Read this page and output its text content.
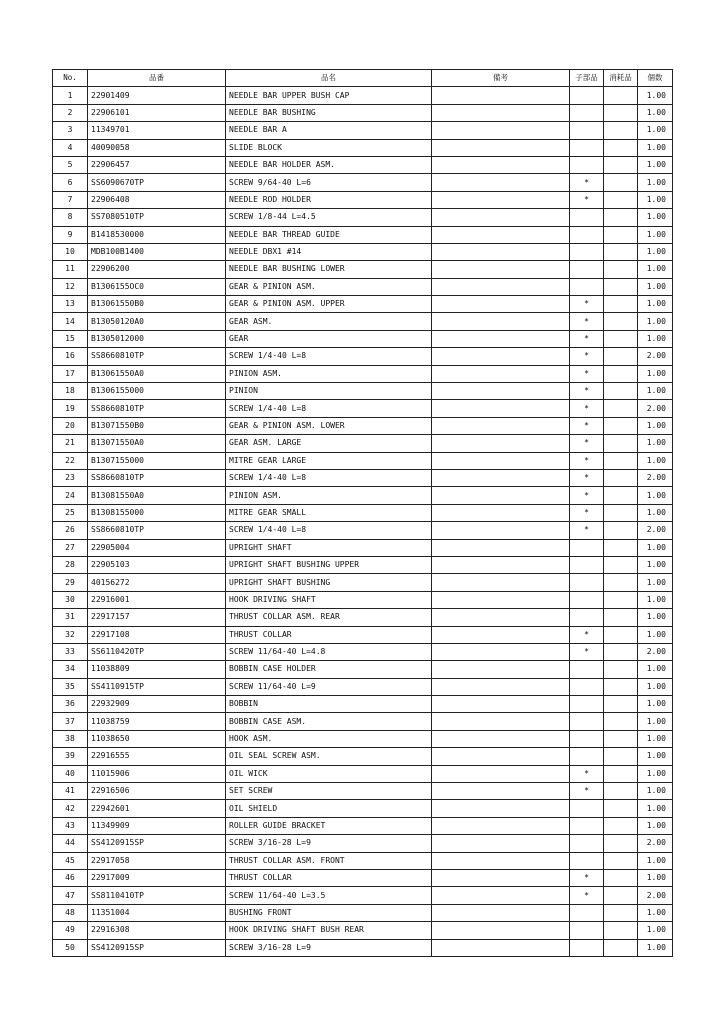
No.	品番	品名	備考	子部品	消耗品	個数
1	22901409	NEEDLE BAR UPPER BUSH CAP				1.00
2	22906101	NEEDLE BAR BUSHING				1.00
3	11349701	NEEDLE BAR A				1.00
4	40090058	SLIDE BLOCK				1.00
5	22906457	NEEDLE BAR HOLDER ASM.				1.00
6	SS6090670TP	SCREW 9/64-40 L=6		*		1.00
7	22906408	NEEDLE ROD HOLDER		*		1.00
8	SS7080510TP	SCREW 1/8-44 L=4.5				1.00
9	B1418530000	NEEDLE BAR THREAD GUIDE				1.00
10	MDB100B1400	NEEDLE DBX1 #14				1.00
11	22906200	NEEDLE BAR BUSHING LOWER				1.00
12	B1306155OC0	GEAR & PINION ASM.				1.00
13	B13061550B0	GEAR & PINION ASM. UPPER		*		1.00
14	B13050120A0	GEAR ASM.		*		1.00
15	B1305012000	GEAR		*		1.00
16	SS8660810TP	SCREW 1/4-40 L=8		*		2.00
17	B13061550A0	PINION ASM.		*		1.00
18	B1306155000	PINION		*		1.00
19	SS8660810TP	SCREW 1/4-40 L=8		*		2.00
20	B13071550B0	GEAR & PINION ASM. LOWER		*		1.00
21	B13071550A0	GEAR ASM. LARGE		*		1.00
22	B1307155000	MITRE GEAR LARGE		*		1.00
23	SS8660810TP	SCREW 1/4-40 L=8		*		2.00
24	B13081550A0	PINION ASM.		*		1.00
25	B1308155000	MITRE GEAR SMALL		*		1.00
26	SS8660810TP	SCREW 1/4-40 L=8		*		2.00
27	22905004	UPRIGHT SHAFT				1.00
28	22905103	UPRIGHT SHAFT BUSHING UPPER				1.00
29	40156272	UPRIGHT SHAFT BUSHING				1.00
30	22916001	HOOK DRIVING SHAFT				1.00
31	22917157	THRUST COLLAR ASM. REAR				1.00
32	22917108	THRUST COLLAR		*		1.00
33	SS6110420TP	SCREW 11/64-40 L=4.8		*		2.00
34	11038809	BOBBIN CASE HOLDER				1.00
35	SS4110915TP	SCREW 11/64-40 L=9				1.00
36	22932909	BOBBIN				1.00
37	11038759	BOBBIN CASE ASM.				1.00
38	11038650	HOOK ASM.				1.00
39	22916555	OIL SEAL SCREW ASM.				1.00
40	11015906	OIL WICK		*		1.00
41	22916506	SET SCREW		*		1.00
42	22942601	OIL SHIELD				1.00
43	11349909	ROLLER GUIDE BRACKET				1.00
44	SS4120915SP	SCREW 3/16-28 L=9				2.00
45	22917058	THRUST COLLAR ASM. FRONT				1.00
46	22917009	THRUST COLLAR		*		1.00
47	SS8110410TP	SCREW 11/64-40 L=3.5		*		2.00
48	11351004	BUSHING FRONT				1.00
49	22916308	HOOK DRIVING SHAFT BUSH REAR				1.00
50	SS4120915SP	SCREW 3/16-28 L=9				1.00
